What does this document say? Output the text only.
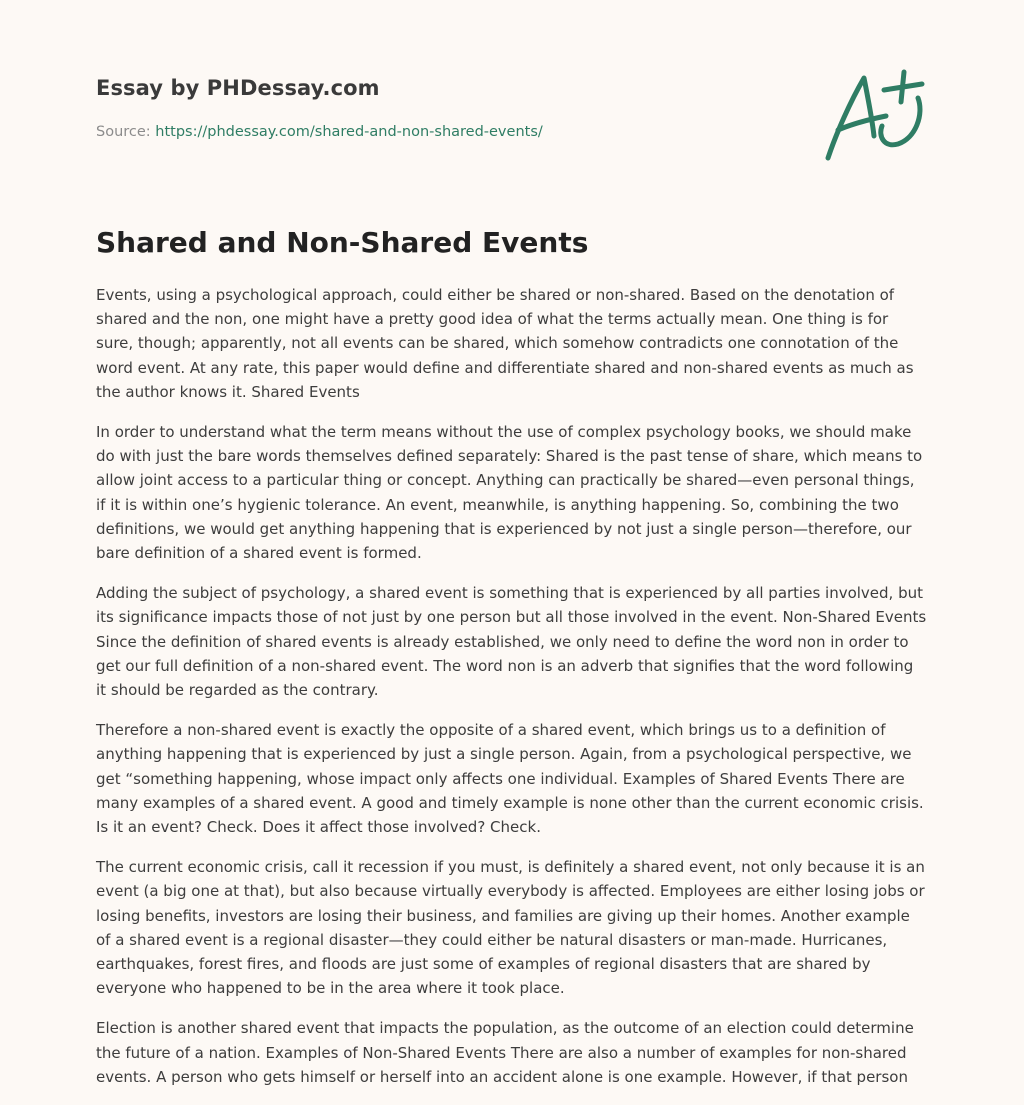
Essay by PHDessay.com
Source: https://phdessay.com/shared-and-non-shared-events/
Shared and Non-Shared Events

Events, using a psychological approach, could either be shared or non-shared. Based on the denotation of shared and the non, one might have a pretty good idea of what the terms actually mean. One thing is for sure, though; apparently, not all events can be shared, which somehow contradicts one connotation of the word event. At any rate, this paper would define and differentiate shared and non-shared events as much as the author knows it. Shared Events

In order to understand what the term means without the use of complex psychology books, we should make do with just the bare words themselves defined separately: Shared is the past tense of share, which means to allow joint access to a particular thing or concept. Anything can practically be shared—even personal things, if it is within one’s hygienic tolerance. An event, meanwhile, is anything happening. So, combining the two definitions, we would get anything happening that is experienced by not just a single person—therefore, our bare definition of a shared event is formed.

Adding the subject of psychology, a shared event is something that is experienced by all parties involved, but its significance impacts those of not just by one person but all those involved in the event. Non-Shared Events Since the definition of shared events is already established, we only need to define the word non in order to get our full definition of a non-shared event. The word non is an adverb that signifies that the word following it should be regarded as the contrary.

Therefore a non-shared event is exactly the opposite of a shared event, which brings us to a definition of anything happening that is experienced by just a single person. Again, from a psychological perspective, we get “something happening, whose impact only affects one individual. Examples of Shared Events There are many examples of a shared event. A good and timely example is none other than the current economic crisis. Is it an event? Check. Does it affect those involved? Check.

The current economic crisis, call it recession if you must, is definitely a shared event, not only because it is an event (a big one at that), but also because virtually everybody is affected. Employees are either losing jobs or losing benefits, investors are losing their business, and families are giving up their homes. Another example of a shared event is a regional disaster—they could either be natural disasters or man-made. Hurricanes, earthquakes, forest fires, and floods are just some of examples of regional disasters that are shared by everyone who happened to be in the area where it took place.

Election is another shared event that impacts the population, as the outcome of an election could determine the future of a nation. Examples of Non-Shared Events There are also a number of examples for non-shared events. A person who gets himself or herself into an accident alone is one example. However, if that person
